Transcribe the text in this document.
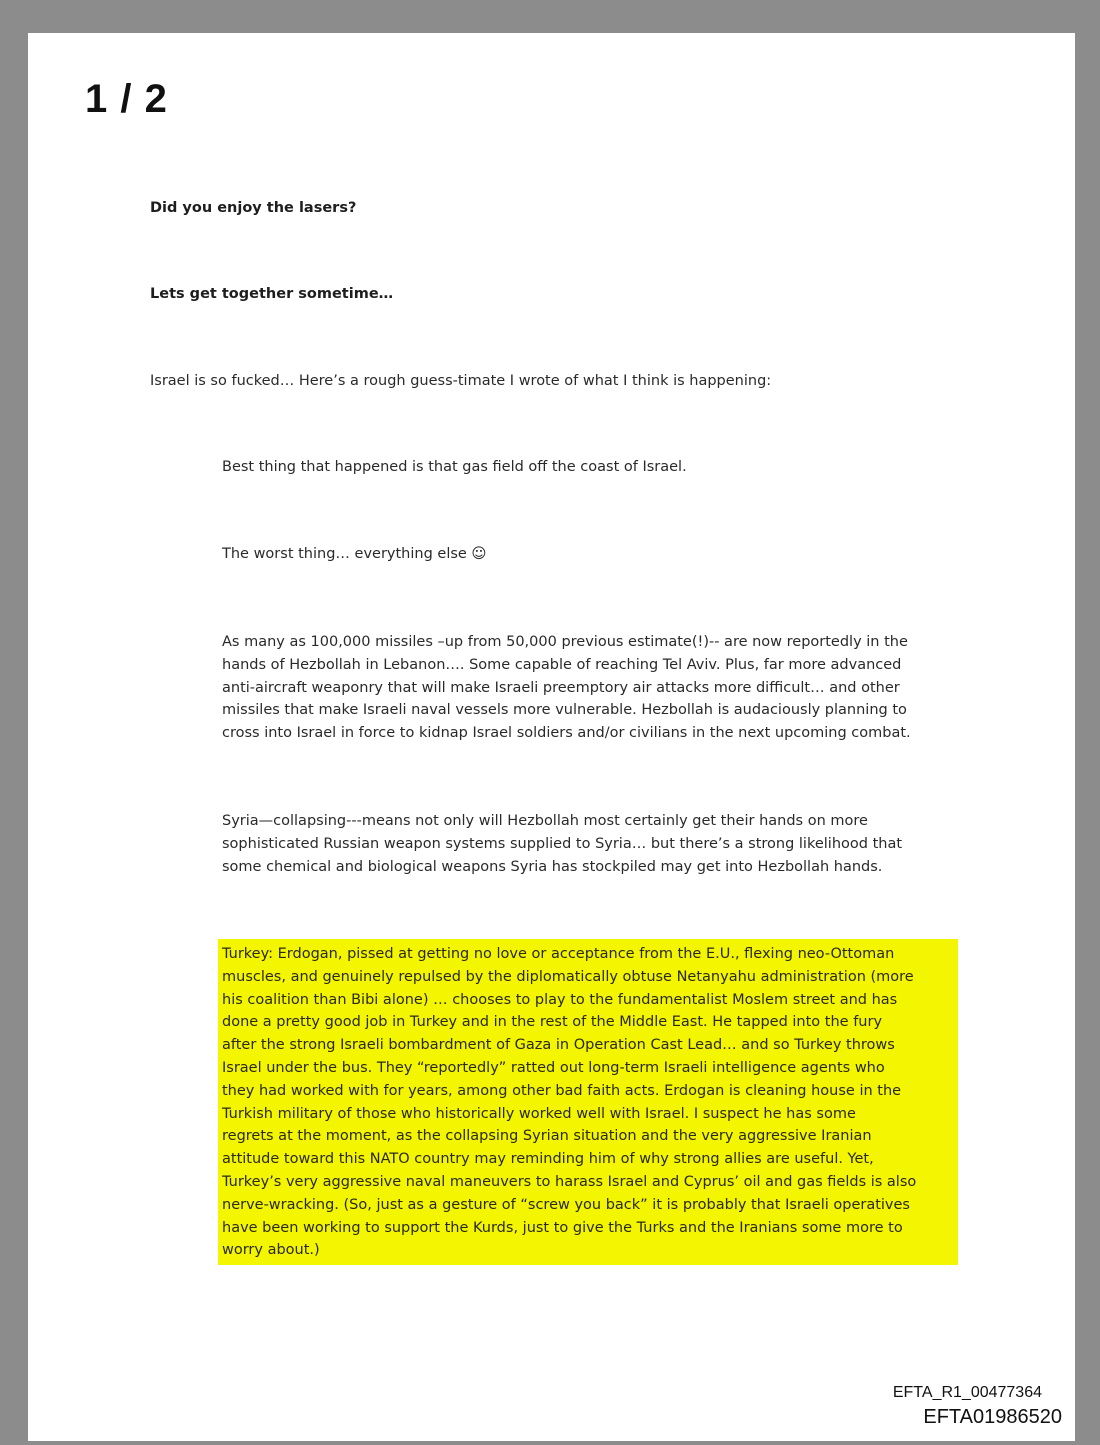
1 / 2
Did you enjoy the lasers?
Lets get together sometime…
Israel is so fucked… Here’s a rough guess-timate I wrote of what I think is happening:
Best thing that happened is that gas field off the coast of Israel.
The worst thing… everything else ☺
As many as 100,000 missiles –up from 50,000 previous estimate(!)-- are now reportedly in the
hands of Hezbollah in Lebanon…. Some capable of reaching Tel Aviv. Plus, far more advanced
anti-aircraft weaponry that will make Israeli preemptory air attacks more difficult… and other
missiles that make Israeli naval vessels more vulnerable. Hezbollah is audaciously planning to
cross into Israel in force to kidnap Israel soldiers and/or civilians in the next upcoming combat.
Syria—collapsing---means not only will Hezbollah most certainly get their hands on more
sophisticated Russian weapon systems supplied to Syria… but there’s a strong likelihood that
some chemical and biological weapons Syria has stockpiled may get into Hezbollah hands.
Turkey: Erdogan, pissed at getting no love or acceptance from the E.U., flexing neo-Ottoman
muscles, and genuinely repulsed by the diplomatically obtuse Netanyahu administration (more
his coalition than Bibi alone) … chooses to play to the fundamentalist Moslem street and has
done a pretty good job in Turkey and in the rest of the Middle East. He tapped into the fury
after the strong Israeli bombardment of Gaza in Operation Cast Lead… and so Turkey throws
Israel under the bus. They “reportedly” ratted out long-term Israeli intelligence agents who
they had worked with for years, among other bad faith acts. Erdogan is cleaning house in the
Turkish military of those who historically worked well with Israel. I suspect he has some
regrets at the moment, as the collapsing Syrian situation and the very aggressive Iranian
attitude toward this NATO country may reminding him of why strong allies are useful. Yet,
Turkey’s very aggressive naval maneuvers to harass Israel and Cyprus’ oil and gas fields is also
nerve-wracking. (So, just as a gesture of “screw you back” it is probably that Israeli operatives
have been working to support the Kurds, just to give the Turks and the Iranians some more to
worry about.)
EFTA_R1_00477364
EFTA01986520
